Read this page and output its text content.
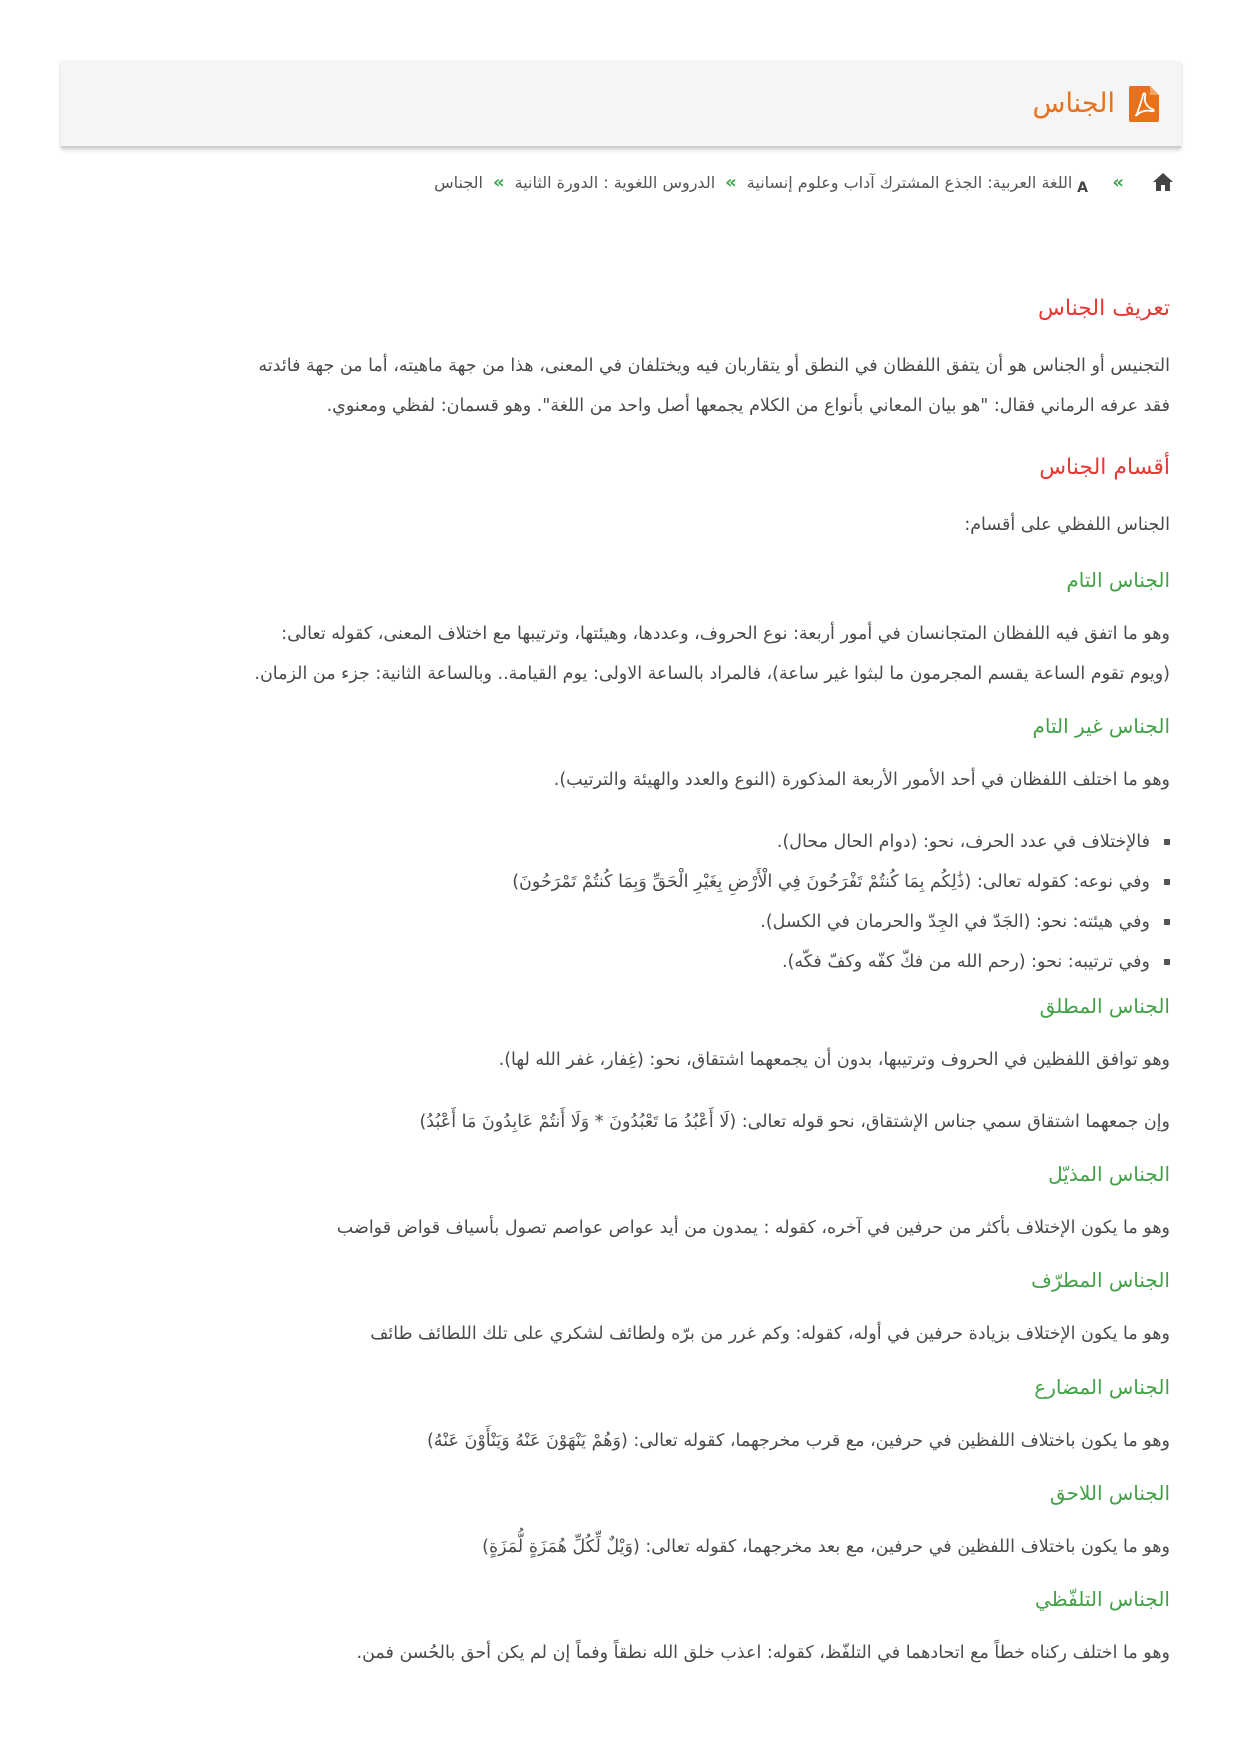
الجناس
»
A
اللغة العربية: الجذع المشترك آداب وعلوم إنسانية
»
الدروس اللغوية : الدورة الثانية
»
الجناس
تعريف الجناس

التجنيس أو الجناس هو أن يتفق اللفظان في النطق أو يتقاربان فيه ويختلفان في المعنى، هذا من جهة ماهيته، أما من جهة فائدته

فقد عرفه الرماني فقال: "هو بيان المعاني بأنواع من الكلام يجمعها أصل واحد من اللغة". وهو قسمان: لفظي ومعنوي.

أقسام الجناس

الجناس اللفظي على أقسام:

الجناس التام

وهو ما اتفق فيه اللفظان المتجانسان في أمور أربعة: نوع الحروف، وعددها، وهيئتها، وترتيبها مع اختلاف المعنى، كقوله تعالى:

(ويوم تقوم الساعة يقسم المجرمون ما لبثوا غير ساعة)، فالمراد بالساعة الاولى: يوم القيامة.. وبالساعة الثانية: جزء من الزمان.

الجناس غير التام

وهو ما اختلف اللفظان في أحد الأمور الأربعة المذكورة (النوع والعدد والهيئة والترتيب).

فالإختلاف في عدد الحرف، نحو: (دوام الحال محال).
وفي نوعه: كقوله تعالى: (ذَٰلِكُم بِمَا كُنتُمْ تَفْرَحُونَ فِي الْأَرْضِ بِغَيْرِ الْحَقِّ وَبِمَا كُنتُمْ تَمْرَحُونَ)
وفي هيئته: نحو: (الجَدّ في الجِدّ والحرمان في الكسل).
وفي ترتيبه: نحو: (رحم الله من فكّ كفّه وكفّ فكّه).
الجناس المطلق

وهو توافق اللفظين في الحروف وترتيبها، بدون أن يجمعهما اشتقاق، نحو: (غِفار، غفر الله لها).

وإن جمعهما اشتقاق سمي جناس الإشتقاق، نحو قوله تعالى: (لَا أَعْبُدُ مَا تَعْبُدُونَ * وَلَا أَنتُمْ عَابِدُونَ مَا أَعْبُدُ)

الجناس المذيّل

وهو ما يكون الإختلاف بأكثر من حرفين في آخره، كقوله : يمدون من أيد عواص عواصم تصول بأسياف قواض قواضب

الجناس المطرّف

وهو ما يكون الإختلاف بزيادة حرفين في أوله، كقوله: وكم غرر من برّه ولطائف لشكري على تلك اللطائف طائف

الجناس المضارع

وهو ما يكون باختلاف اللفظين في حرفين، مع قرب مخرجهما، كقوله تعالى: (وَهُمْ يَنْهَوْنَ عَنْهُ وَيَنْأَوْنَ عَنْهُ)

الجناس اللاحق

وهو ما يكون باختلاف اللفظين في حرفين، مع بعد مخرجهما، كقوله تعالى: (وَيْلٌ لِّكُلِّ هُمَزَةٍ لُّمَزَةٍ)

الجناس التلفّظي

وهو ما اختلف ركناه خطاً مع اتحادهما في التلفّظ، كقوله: اعذب خلق الله نطقاً وفماً إن لم يكن أحق بالحُسن فمن.
